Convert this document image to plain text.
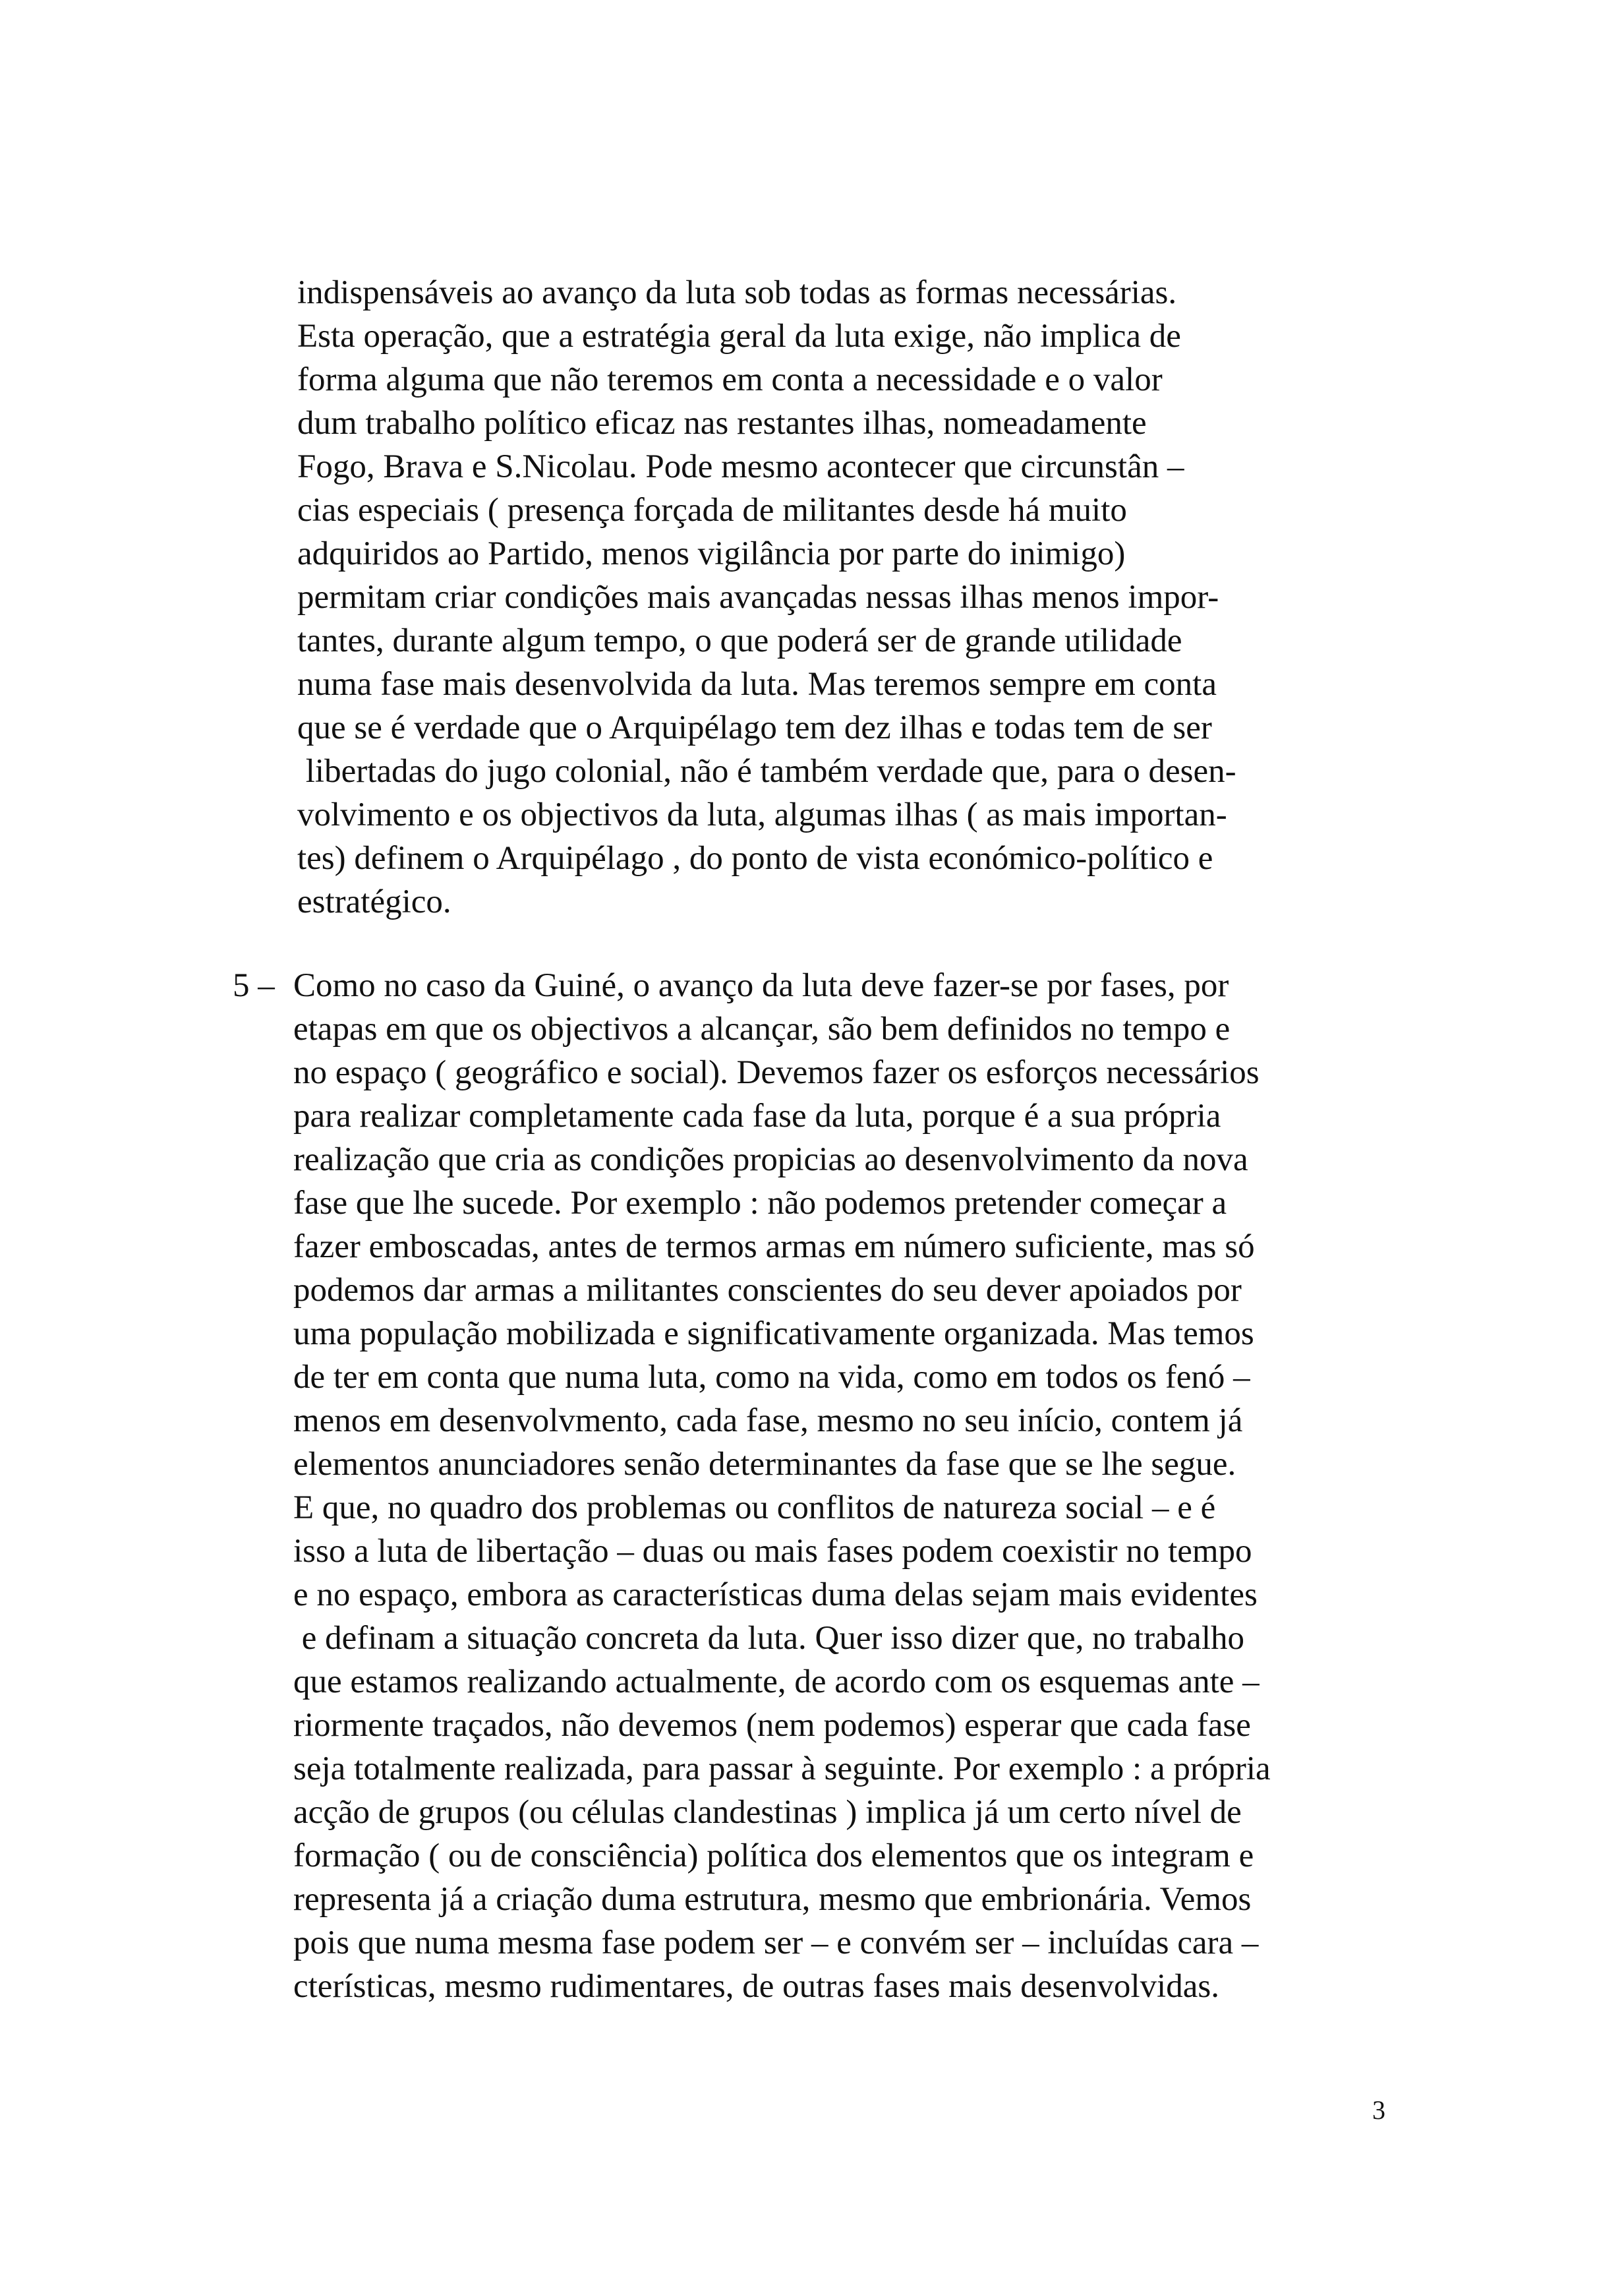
indispensáveis ao avanço da luta sob todas as formas necessárias.
Esta operação, que a estratégia geral da luta exige, não implica de
forma alguma que não teremos em conta a necessidade e o valor
dum trabalho político eficaz nas restantes ilhas, nomeadamente
Fogo, Brava e S.Nicolau. Pode mesmo acontecer que circunstân –
cias especiais ( presença forçada de militantes desde há muito
adquiridos ao Partido, menos vigilância por parte do inimigo)
permitam criar condições mais avançadas nessas ilhas menos impor-
tantes, durante algum tempo, o que poderá ser de grande utilidade
numa fase mais desenvolvida da luta. Mas teremos sempre em conta
que se é verdade que o Arquipélago tem dez ilhas e todas tem de ser
libertadas do jugo colonial, não é também verdade que, para o desen-
volvimento e os objectivos da luta, algumas ilhas ( as mais importan-
tes) definem o Arquipélago , do ponto de vista económico-político e
estratégico.
5 – Como no caso da Guiné, o avanço da luta deve fazer-se por fases, por
etapas em que os objectivos a alcançar, são bem definidos no tempo e
no espaço ( geográfico e social). Devemos fazer os esforços necessários
para realizar completamente cada fase da luta, porque é a sua própria
realização que cria as condições propicias ao desenvolvimento da nova
fase que lhe sucede. Por exemplo : não podemos pretender começar a
fazer emboscadas, antes de termos armas em número suficiente, mas só
podemos dar armas a militantes conscientes do seu dever apoiados por
uma população mobilizada e significativamente organizada. Mas temos
de ter em conta que numa luta, como na vida, como em todos os fenó –
menos em desenvolvmento, cada fase, mesmo no seu início, contem já
elementos anunciadores senão determinantes da fase que se lhe segue.
E que, no quadro dos problemas ou conflitos de natureza social – e é
isso a luta de libertação – duas ou mais fases podem coexistir no tempo
e no espaço, embora as características duma delas sejam mais evidentes
e definam a situação concreta da luta. Quer isso dizer que, no trabalho
que estamos realizando actualmente, de acordo com os esquemas ante –
riormente traçados, não devemos (nem podemos) esperar que cada fase
seja totalmente realizada, para passar à seguinte. Por exemplo : a própria
acção de grupos (ou células clandestinas ) implica já um certo nível de
formação ( ou de consciência) política dos elementos que os integram e
representa já a criação duma estrutura, mesmo que embrionária. Vemos
pois que numa mesma fase podem ser – e convém ser – incluídas cara –
cterísticas, mesmo rudimentares, de outras fases mais desenvolvidas.
3
